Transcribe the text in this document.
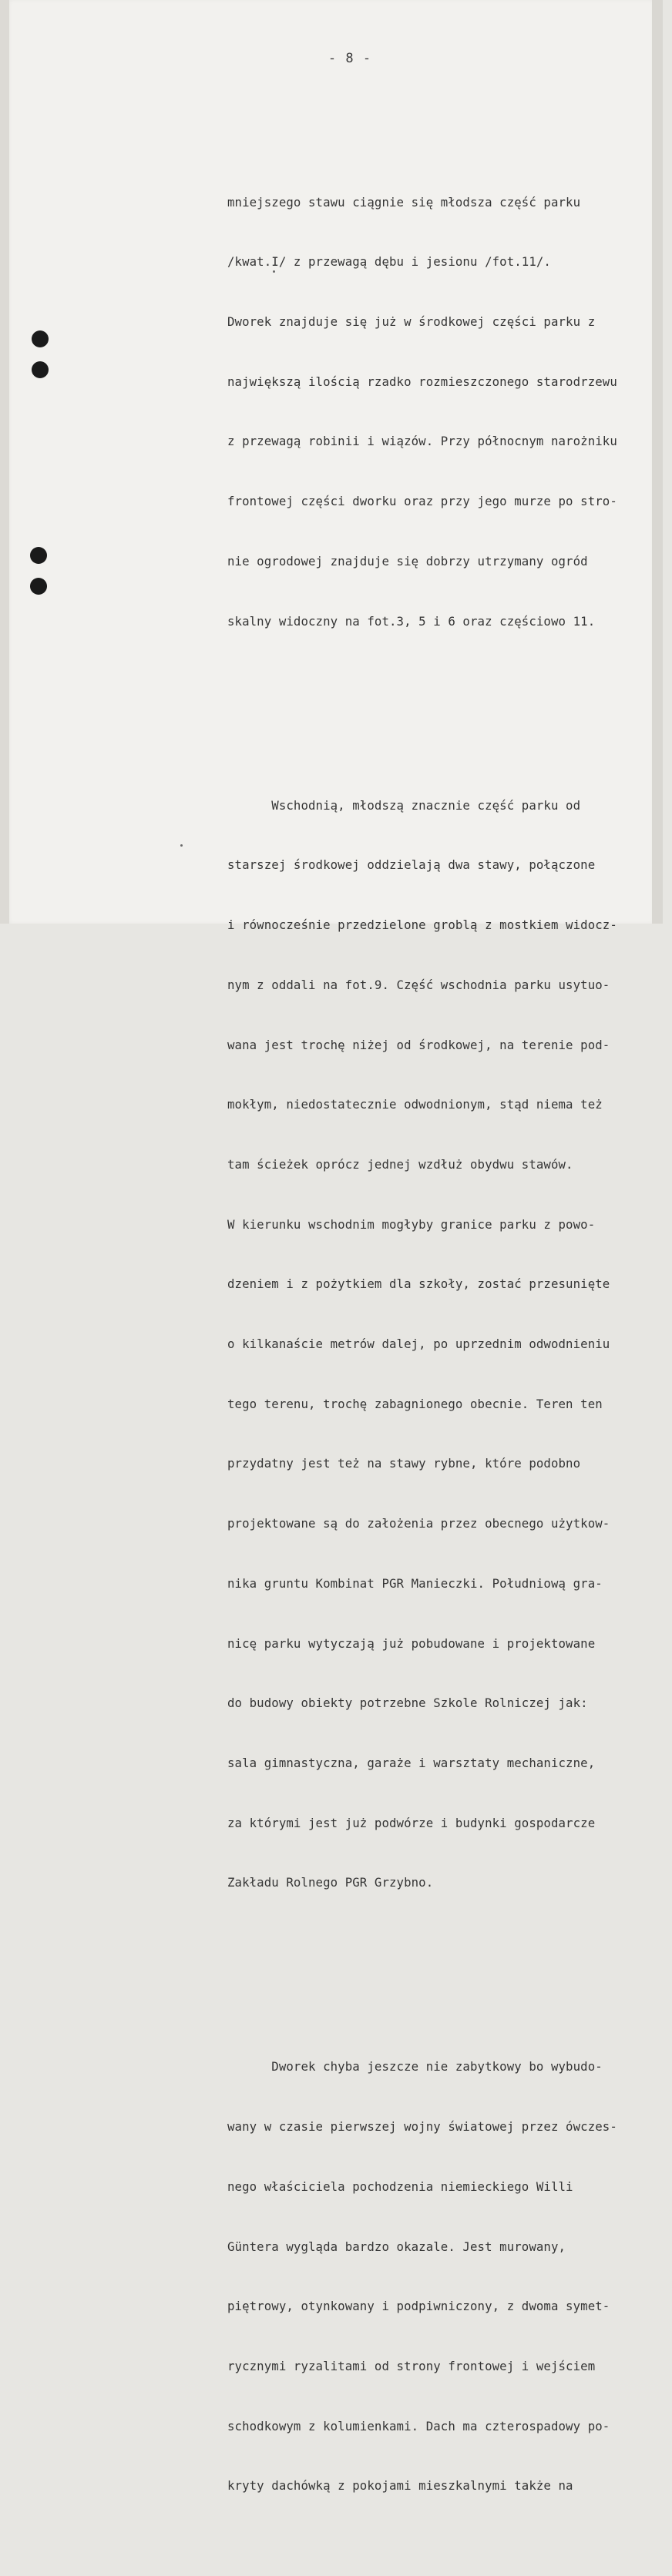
- 8 -

mniejszego stawu ciągnie się młodsza część parku

/kwat.I/ z przewagą dębu i jesionu /fot.11/.

Dworek znajduje się już w środkowej części parku z

największą ilością rzadko rozmieszczonego starodrzewu

z przewagą robinii i wiązów. Przy północnym narożniku

frontowej części dworku oraz przy jego murze po stro-

nie ogrodowej znajduje się dobrzy utrzymany ogród

skalny widoczny na fot.3, 5 i 6 oraz częściowo 11.

Wschodnią, młodszą znacznie część parku od

starszej środkowej oddzielają dwa stawy, połączone

i równocześnie przedzielone groblą z mostkiem widocz-

nym z oddali na fot.9. Część wschodnia parku usytuo-

wana jest trochę niżej od środkowej, na terenie pod-

mokłym, niedostatecznie odwodnionym, stąd niema też

tam ścieżek oprócz jednej wzdłuż obydwu stawów.

W kierunku wschodnim mogłyby granice parku z powo-

dzeniem i z pożytkiem dla szkoły, zostać przesunięte

o kilkanaście metrów dalej, po uprzednim odwodnieniu

tego terenu, trochę zabagnionego obecnie. Teren ten

przydatny jest też na stawy rybne, które podobno

projektowane są do założenia przez obecnego użytkow-

nika gruntu Kombinat PGR Manieczki. Południową gra-

nicę parku wytyczają już pobudowane i projektowane

do budowy obiekty potrzebne Szkole Rolniczej jak:

sala gimnastyczna, garaże i warsztaty mechaniczne,

za którymi jest już podwórze i budynki gospodarcze

Zakładu Rolnego PGR Grzybno.

Dworek chyba jeszcze nie zabytkowy bo wybudo-

wany w czasie pierwszej wojny światowej przez ówczes-

nego właściciela pochodzenia niemieckiego Willi

Güntera wygląda bardzo okazale. Jest murowany,

piętrowy, otynkowany i podpiwniczony, z dwoma symet-

rycznymi ryzalitami od strony frontowej i wejściem

schodkowym z kolumienkami. Dach ma czterospadowy po-

kryty dachówką z pokojami mieszkalnymi także na
